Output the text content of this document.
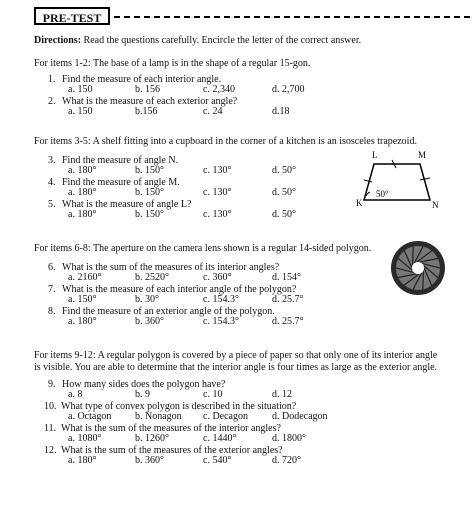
PRE-TEST
Directions: Read the questions carefully. Encircle the letter of the correct answer.
For items 1-2: The base of a lamp is in the shape of a regular 15-gon.
1. Find the measure of each interior angle.
a. 150	b. 156	c. 2,340	d. 2,700
2. What is the measure of each exterior angle?
a. 150	b.156	c. 24	d.18
For items 3-5: A shelf fitting into a cupboard in the corner of a kitchen is an isosceles trapezoid.
3. Find the measure of angle N.
a. 180°	b. 150°	c. 130°	d. 50°
4. Find the measure of angle M.
a. 180°	b. 150°	c. 130°	d. 50°
5. What is the measure of angle L?
a. 180°	b. 150°	c. 130°	d. 50°
For items 6-8: The aperture on the camera lens shown is a regular 14-sided polygon.
6. What is the sum of the measures of its interior angles?
a. 2160°	b. 2520°	c. 360°	d. 154°
7. What is the measure of each interior angle of the polygon?
a. 150°	b. 30°	c. 154.3°	d. 25.7°
8. Find the measure of an exterior angle of the polygon.
a. 180°	b. 360°	c. 154.3°	d. 25.7°
For items 9-12: A regular polygon is covered by a piece of paper so that only one of its interior angle
is visible. You are able to determine that the interior angle is four times as large as the exterior angle.
9. How many sides does the polygon have?
a. 8	b. 9	c. 10	d. 12
10. What type of convex polygon is described in the situation?
a. Octagon b. Nonagon c. Decagon d. Dodecagon
11. What is the sum of the measures of the interior angles?
a. 1080°	b. 1260°	c. 1440°	d. 1800°
12. What is the sum of the measures of the exterior angles?
a. 180°	b. 360°	c. 540°	d. 720°
L	M
K	N
50°
